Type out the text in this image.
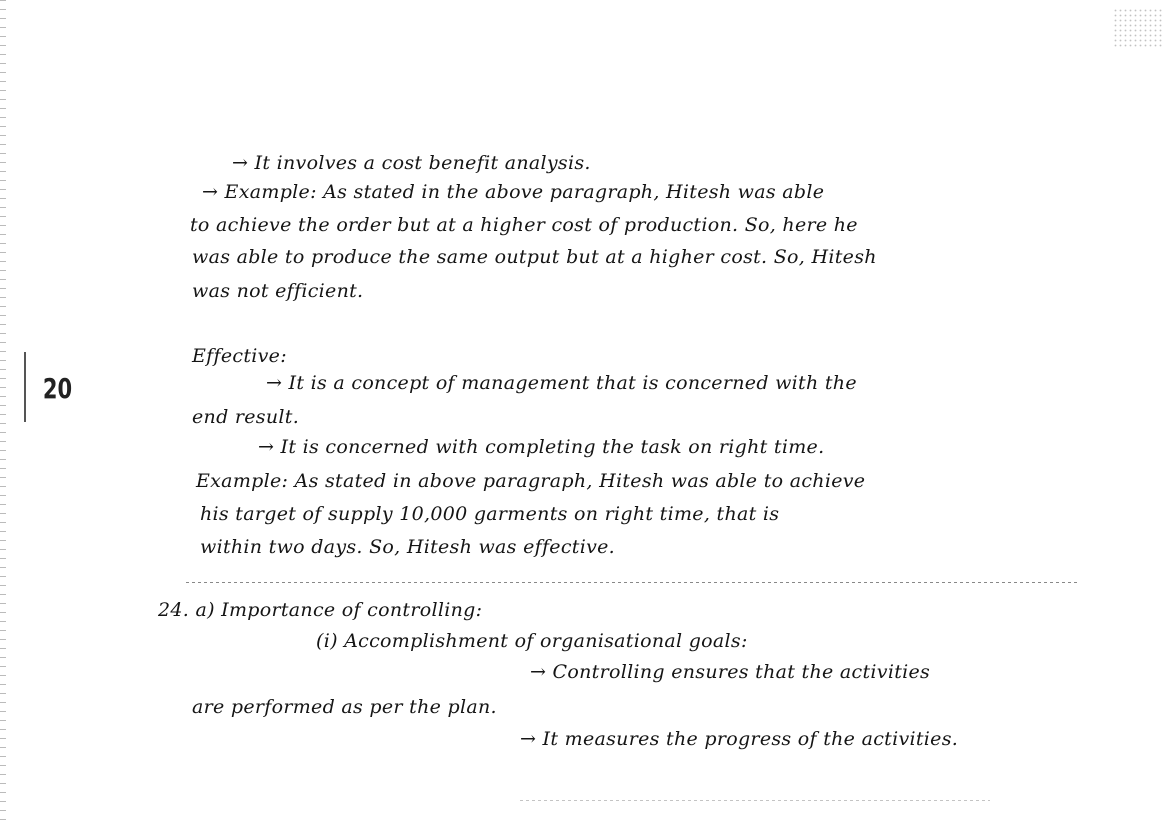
20
→ It involves a cost benefit analysis.
→ Example: As stated in the above paragraph, Hitesh was able
to achieve the order but at a higher cost of production. So, here he
was able to produce the same output but at a higher cost. So, Hitesh
was not efficient.
Effective:
→ It is a concept of management that is concerned with the
end result.
→ It is concerned with completing the task on right time.
Example: As stated in above paragraph, Hitesh was able to achieve
his target of supply 10,000 garments on right time, that is
within two days. So, Hitesh was effective.
24. a) Importance of controlling:
(i) Accomplishment of organisational goals:
→ Controlling ensures that the activities
are performed as per the plan.
→ It measures the progress of the activities.
